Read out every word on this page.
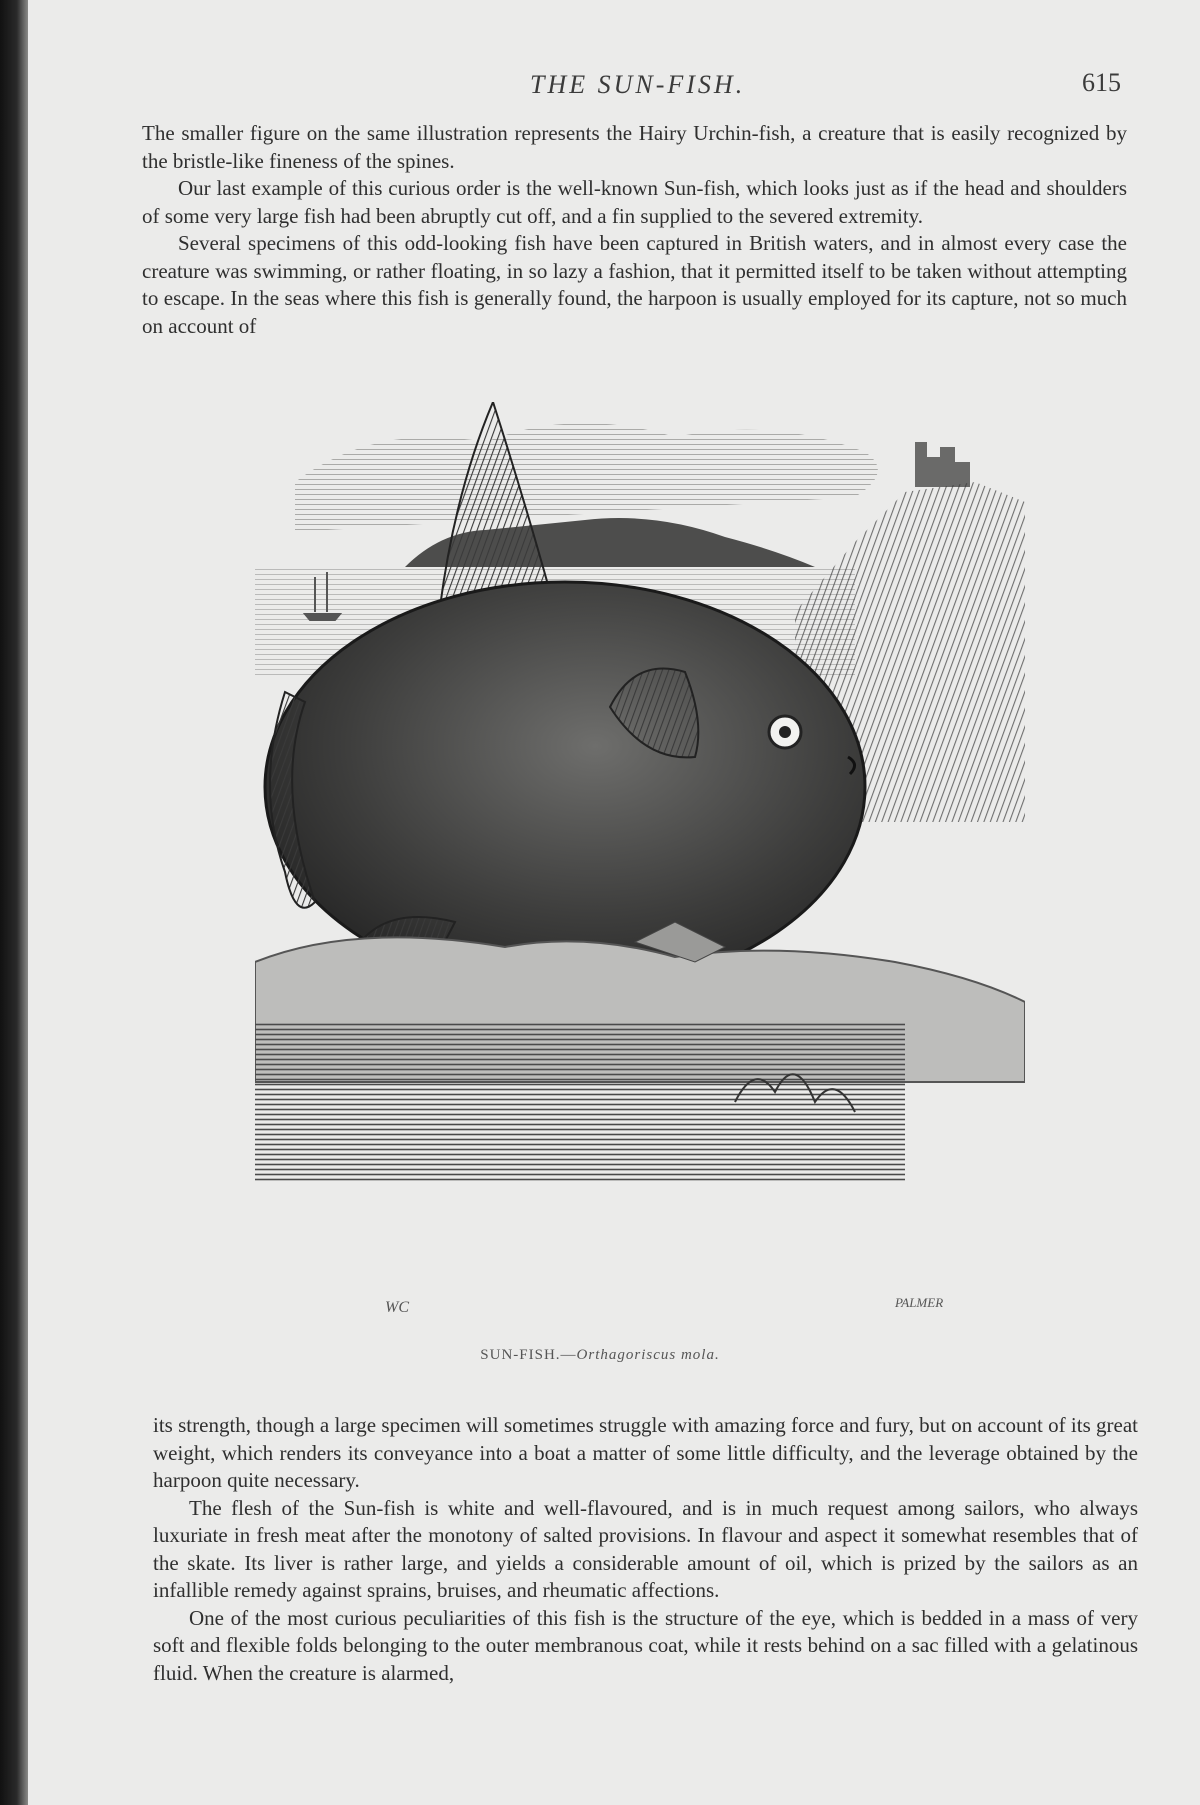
THE SUN-FISH.	615

The smaller figure on the same illustration represents the Hairy Urchin-fish, a creature that is easily recognized by the bristle-like fineness of the spines.

Our last example of this curious order is the well-known Sun-fish, which looks just as if the head and shoulders of some very large fish had been abruptly cut off, and a fin supplied to the severed extremity.

Several specimens of this odd-looking fish have been captured in British waters, and in almost every case the creature was swimming, or rather floating, in so lazy a fashion, that it permitted itself to be taken without attempting to escape. In the seas where this fish is generally found, the harpoon is usually employed for its capture, not so much on account of

WC	PALMER
SUN-FISH.—Orthagoriscus mola.

its strength, though a large specimen will sometimes struggle with amazing force and fury, but on account of its great weight, which renders its conveyance into a boat a matter of some little difficulty, and the leverage obtained by the harpoon quite necessary.

The flesh of the Sun-fish is white and well-flavoured, and is in much request among sailors, who always luxuriate in fresh meat after the monotony of salted provisions. In flavour and aspect it somewhat resembles that of the skate. Its liver is rather large, and yields a considerable amount of oil, which is prized by the sailors as an infallible remedy against sprains, bruises, and rheumatic affections.

One of the most curious peculiarities of this fish is the structure of the eye, which is bedded in a mass of very soft and flexible folds belonging to the outer membranous coat, while it rests behind on a sac filled with a gelatinous fluid. When the creature is alarmed,
